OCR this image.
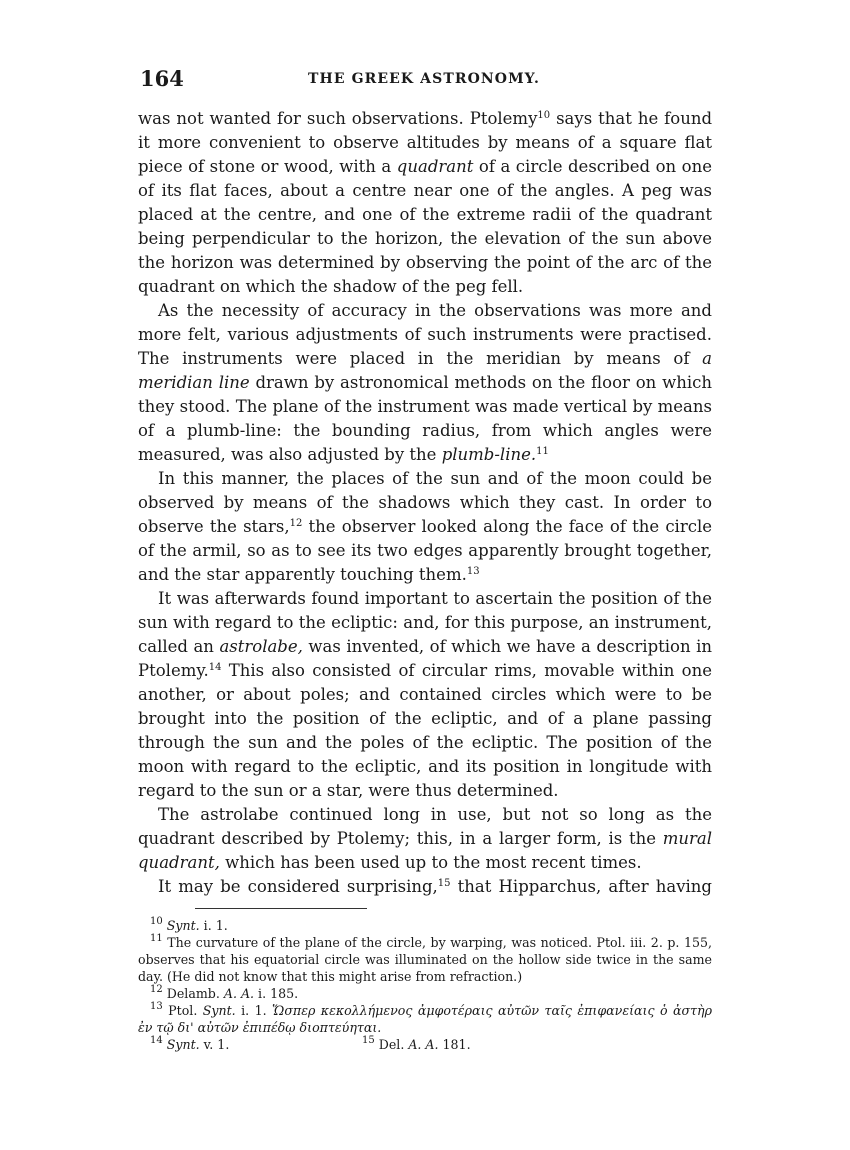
164	THE GREEK ASTRONOMY.

was not wanted for such observations. Ptolemy$^{10}$ says that he found it more convenient to observe altitudes by means of a square flat piece of stone or wood, with a quadrant of a circle described on one of its flat faces, about a centre near one of the angles. A peg was placed at the centre, and one of the extreme radii of the quadrant being perpendicular to the horizon, the elevation of the sun above the horizon was determined by observing the point of the arc of the quadrant on which the shadow of the peg fell.

As the necessity of accuracy in the observations was more and more felt, various adjustments of such instruments were practised. The instruments were placed in the meridian by means of a meridian line drawn by astronomical methods on the floor on which they stood. The plane of the instrument was made vertical by means of a plumb-line: the bounding radius, from which angles were measured, was also adjusted by the plumb-line.$^{11}$

In this manner, the places of the sun and of the moon could be observed by means of the shadows which they cast. In order to observe the stars,$^{12}$ the observer looked along the face of the circle of the armil, so as to see its two edges apparently brought together, and the star apparently touching them.$^{13}$

It was afterwards found important to ascertain the position of the sun with regard to the ecliptic: and, for this purpose, an instrument, called an astrolabe, was invented, of which we have a description in Ptolemy.$^{14}$ This also consisted of circular rims, movable within one another, or about poles; and contained circles which were to be brought into the position of the ecliptic, and of a plane passing through the sun and the poles of the ecliptic. The position of the moon with regard to the ecliptic, and its position in longitude with regard to the sun or a star, were thus determined.

The astrolabe continued long in use, but not so long as the quadrant described by Ptolemy; this, in a larger form, is the mural quadrant, which has been used up to the most recent times.

It may be considered surprising,$^{15}$ that Hipparchus, after having

$^{10}$ Synt. i. 1.

$^{11}$ The curvature of the plane of the circle, by warping, was noticed. Ptol. iii. 2. p. 155, observes that his equatorial circle was illuminated on the hollow side twice in the same day. (He did not know that this might arise from refraction.)

$^{12}$ Delamb. A. A. i. 185.

$^{13}$ Ptol. Synt. i. 1. Ὥσπερ κεκολλήμενος ἀμφοτέραις αὐτῶν ταῖς ἐπιφανείαις ὁ ἀστὴρ ἐν τῷ δι' αὐτῶν ἐπιπέδῳ διοπτεύηται.

$^{14}$ Synt. v. 1.	$^{15}$ Del. A. A. 181.
